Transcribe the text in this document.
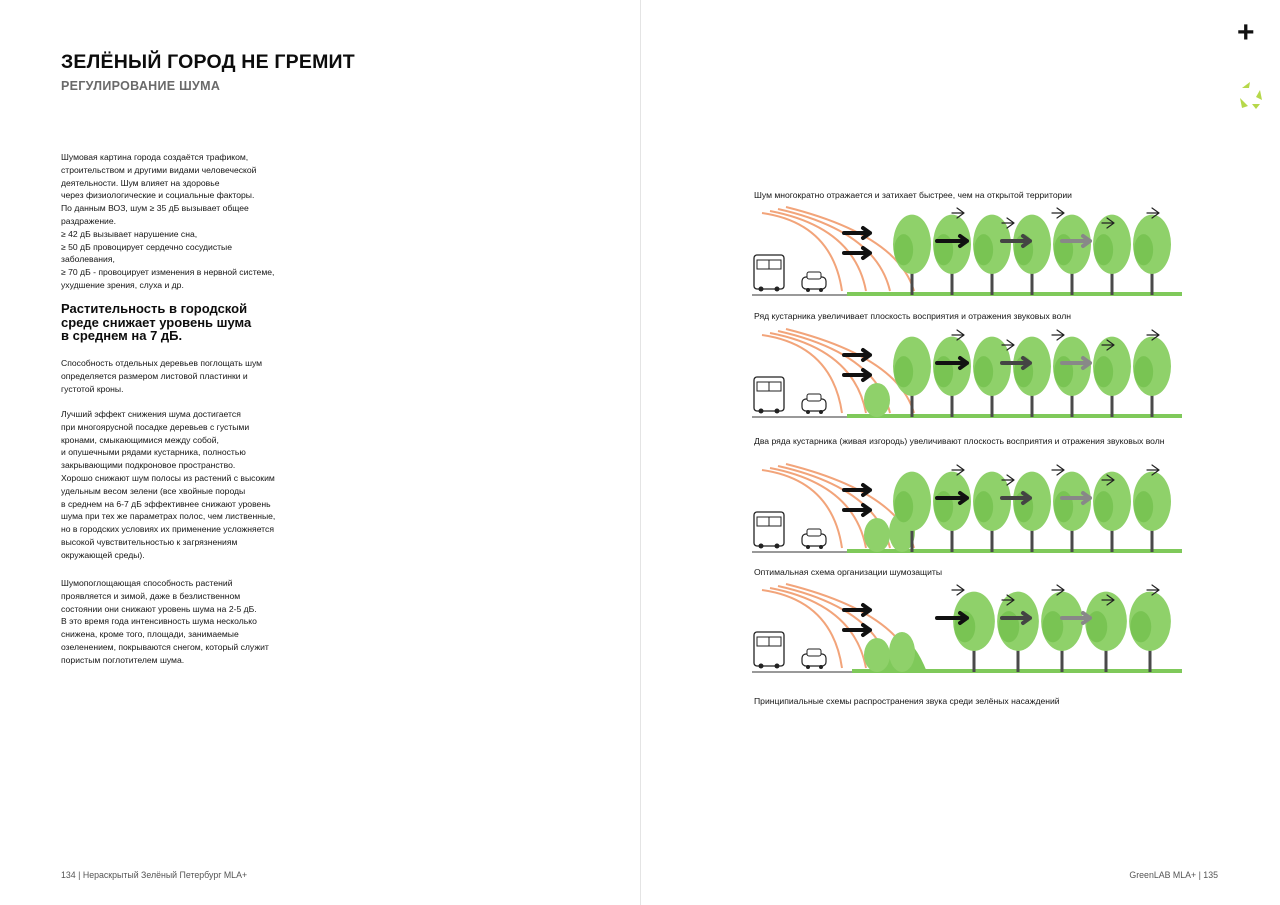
ЗЕЛЁНЫЙ ГОРОД НЕ ГРЕМИТ
РЕГУЛИРОВАНИЕ ШУМА

Шумовая картина города создаётся трафиком,

строительством и другими видами человеческой

деятельности. Шум влияет на здоровье

через физиологические и социальные факторы.

По данным ВОЗ, шум ≥ 35 дБ вызывает общее

раздражение.

≥ 42 дБ вызывает нарушение сна,

≥ 50 дБ провоцирует сердечно сосудистые

заболевания,

≥ 70 дБ - провоцирует изменения в нервной системе,

ухудшение зрения, слуха и др.

Растительность в городской
среде снижает уровень шума
в среднем на 7 дБ.

Способность отдельных деревьев поглощать шум

определяется размером листовой пластинки и

густотой кроны.

Лучший эффект снижения шума достигается

при многоярусной посадке деревьев с густыми

кронами, смыкающимися между собой,

и опушечными рядами кустарника, полностью

закрывающими подкроновое пространство.

Хорошо снижают шум полосы из растений с высоким

удельным весом зелени (все хвойные породы

в среднем на 6-7 дБ эффективнее снижают уровень

шума при тех же параметрах полос, чем лиственные,

но в городских условиях их применение усложняется

высокой чувствительностью к загрязнениям

окружающей среды).

Шумопоглощающая способность растений

проявляется и зимой, даже в безлиственном

состоянии они снижают уровень шума на 2-5 дБ.

В это время года интенсивность шума несколько

снижена, кроме того, площади, занимаемые

озеленением, покрываются снегом, который служит

пористым поглотителем шума.

134 | Нераскрытый Зелёный Петербург MLA+
+
Шум многократно отражается и затихает быстрее, чем на открытой территории
Ряд кустарника увеличивает плоскость восприятия и отражения звуковых волн
Два ряда кустарника (живая изгородь) увеличивают плоскость восприятия и отражения звуковых волн
Оптимальная схема организации шумозащиты
Принципиальные схемы распространения звука среди зелёных насаждений
GreenLAB MLA+ | 135
